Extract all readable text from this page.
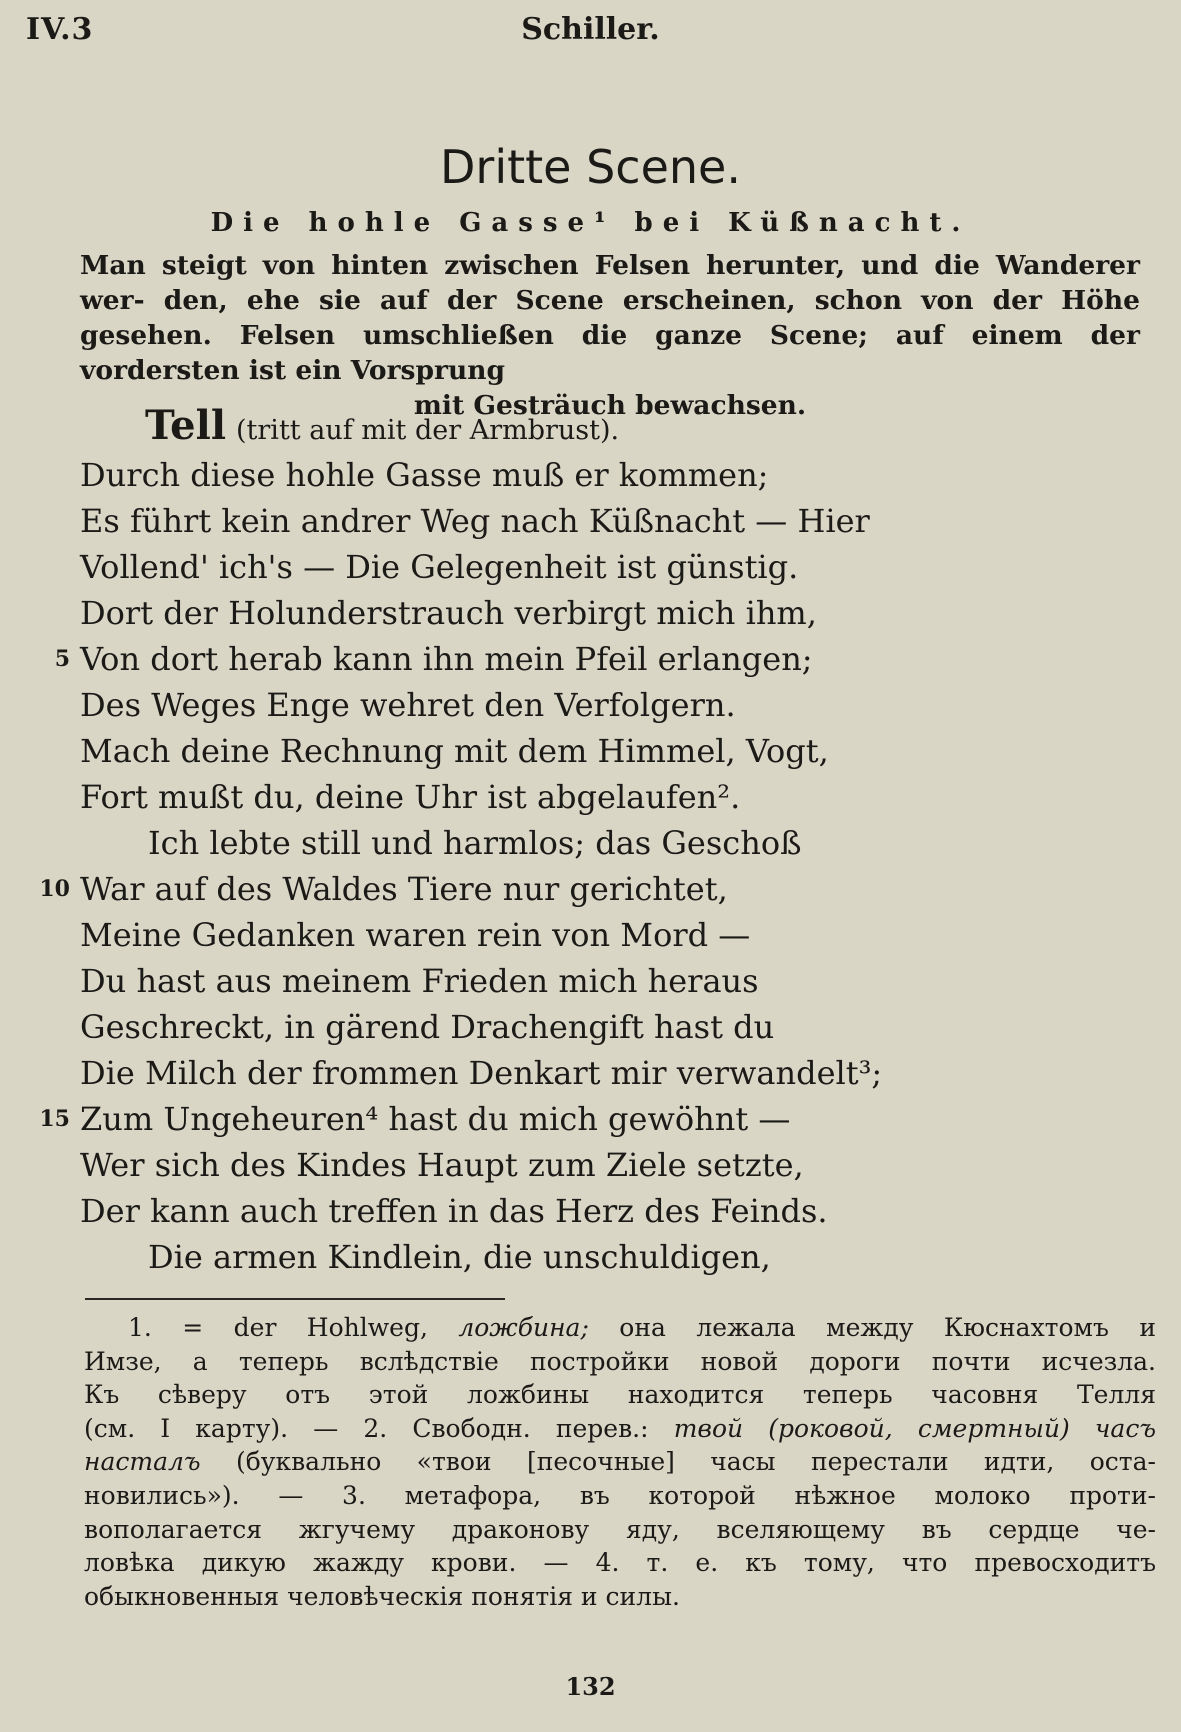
IV.3	Schiller.
Dritte Scene.
Die hohle Gasse¹ bei Küßnacht.
Man steigt von hinten zwischen Felsen herunter, und die Wanderer wer- den, ehe sie auf der Scene erscheinen, schon von der Höhe gesehen. Felsen umschließen die ganze Scene; auf einem der vordersten ist ein Vorsprung
mit Gesträuch bewachsen.
Tell (tritt auf mit der Armbrust).
Durch diese hohle Gasse muß er kommen;
Es führt kein andrer Weg nach Küßnacht — Hier
Vollend' ich's — Die Gelegenheit ist günstig.
Dort der Holunderstrauch verbirgt mich ihm,
5 Von dort herab kann ihn mein Pfeil erlangen;
Des Weges Enge wehret den Verfolgern.
Mach deine Rechnung mit dem Himmel, Vogt,
Fort mußt du, deine Uhr ist abgelaufen².
Ich lebte still und harmlos; das Geschoß
10 War auf des Waldes Tiere nur gerichtet,
Meine Gedanken waren rein von Mord —
Du hast aus meinem Frieden mich heraus
Geschreckt, in gärend Drachengift hast du
Die Milch der frommen Denkart mir verwandelt³;
15 Zum Ungeheuren⁴ hast du mich gewöhnt —
Wer sich des Kindes Haupt zum Ziele setzte,
Der kann auch treffen in das Herz des Feinds.
Die armen Kindlein, die unschuldigen,
1. = der Hohlweg, ложбина; она лежала между Кюснахтомъ и
Имзе, а теперь вслѣдствіе постройки новой дороги почти исчезла.
Къ сѣверу отъ этой ложбины находится теперь часовня Телля
(см. I карту). — 2. Свободн. перев.: твой (роковой, смертный) часъ
насталъ (буквально «твои [песочные] часы перестали идти, оста-
новились»). — 3. метафора, въ которой нѣжное молоко проти-
вополагается жгучему драконову яду, вселяющему въ сердце че-
ловѣка дикую жажду крови. — 4. т. е. къ тому, что превосходитъ
обыкновенныя человѣческія понятія и силы.
132
